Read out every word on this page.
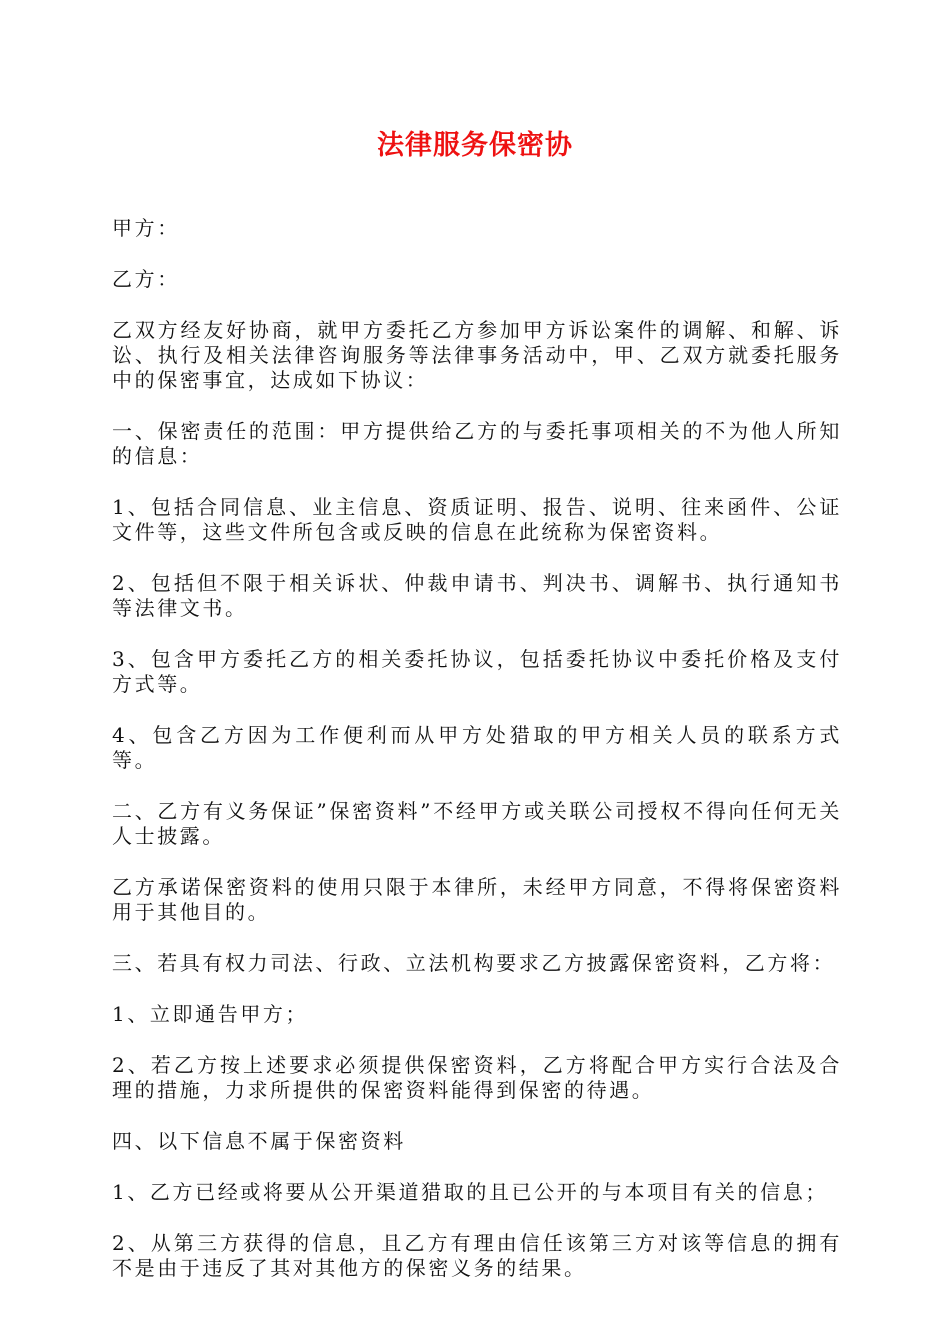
法律服务保密协

甲方：

乙方：

乙双方经友好协商，就甲方委托乙方参加甲方诉讼案件的调解、和解、诉讼、执行及相关法律咨询服务等法律事务活动中，甲、乙双方就委托服务中的保密事宜，达成如下协议：

一、保密责任的范围：甲方提供给乙方的与委托事项相关的不为他人所知的信息：

1、包括合同信息、业主信息、资质证明、报告、说明、往来函件、公证文件等，这些文件所包含或反映的信息在此统称为保密资料。

2、包括但不限于相关诉状、仲裁申请书、判决书、调解书、执行通知书等法律文书。

3、包含甲方委托乙方的相关委托协议，包括委托协议中委托价格及支付方式等。

4、包含乙方因为工作便利而从甲方处猎取的甲方相关人员的联系方式等。

二、乙方有义务保证”保密资料”不经甲方或关联公司授权不得向任何无关人士披露。

乙方承诺保密资料的使用只限于本律所，未经甲方同意，不得将保密资料用于其他目的。

三、若具有权力司法、行政、立法机构要求乙方披露保密资料，乙方将：

1、立即通告甲方；

2、若乙方按上述要求必须提供保密资料，乙方将配合甲方实行合法及合理的措施，力求所提供的保密资料能得到保密的待遇。

四、以下信息不属于保密资料

1、乙方已经或将要从公开渠道猎取的且已公开的与本项目有关的信息；

2、从第三方获得的信息，且乙方有理由信任该第三方对该等信息的拥有不是由于违反了其对其他方的保密义务的结果。
